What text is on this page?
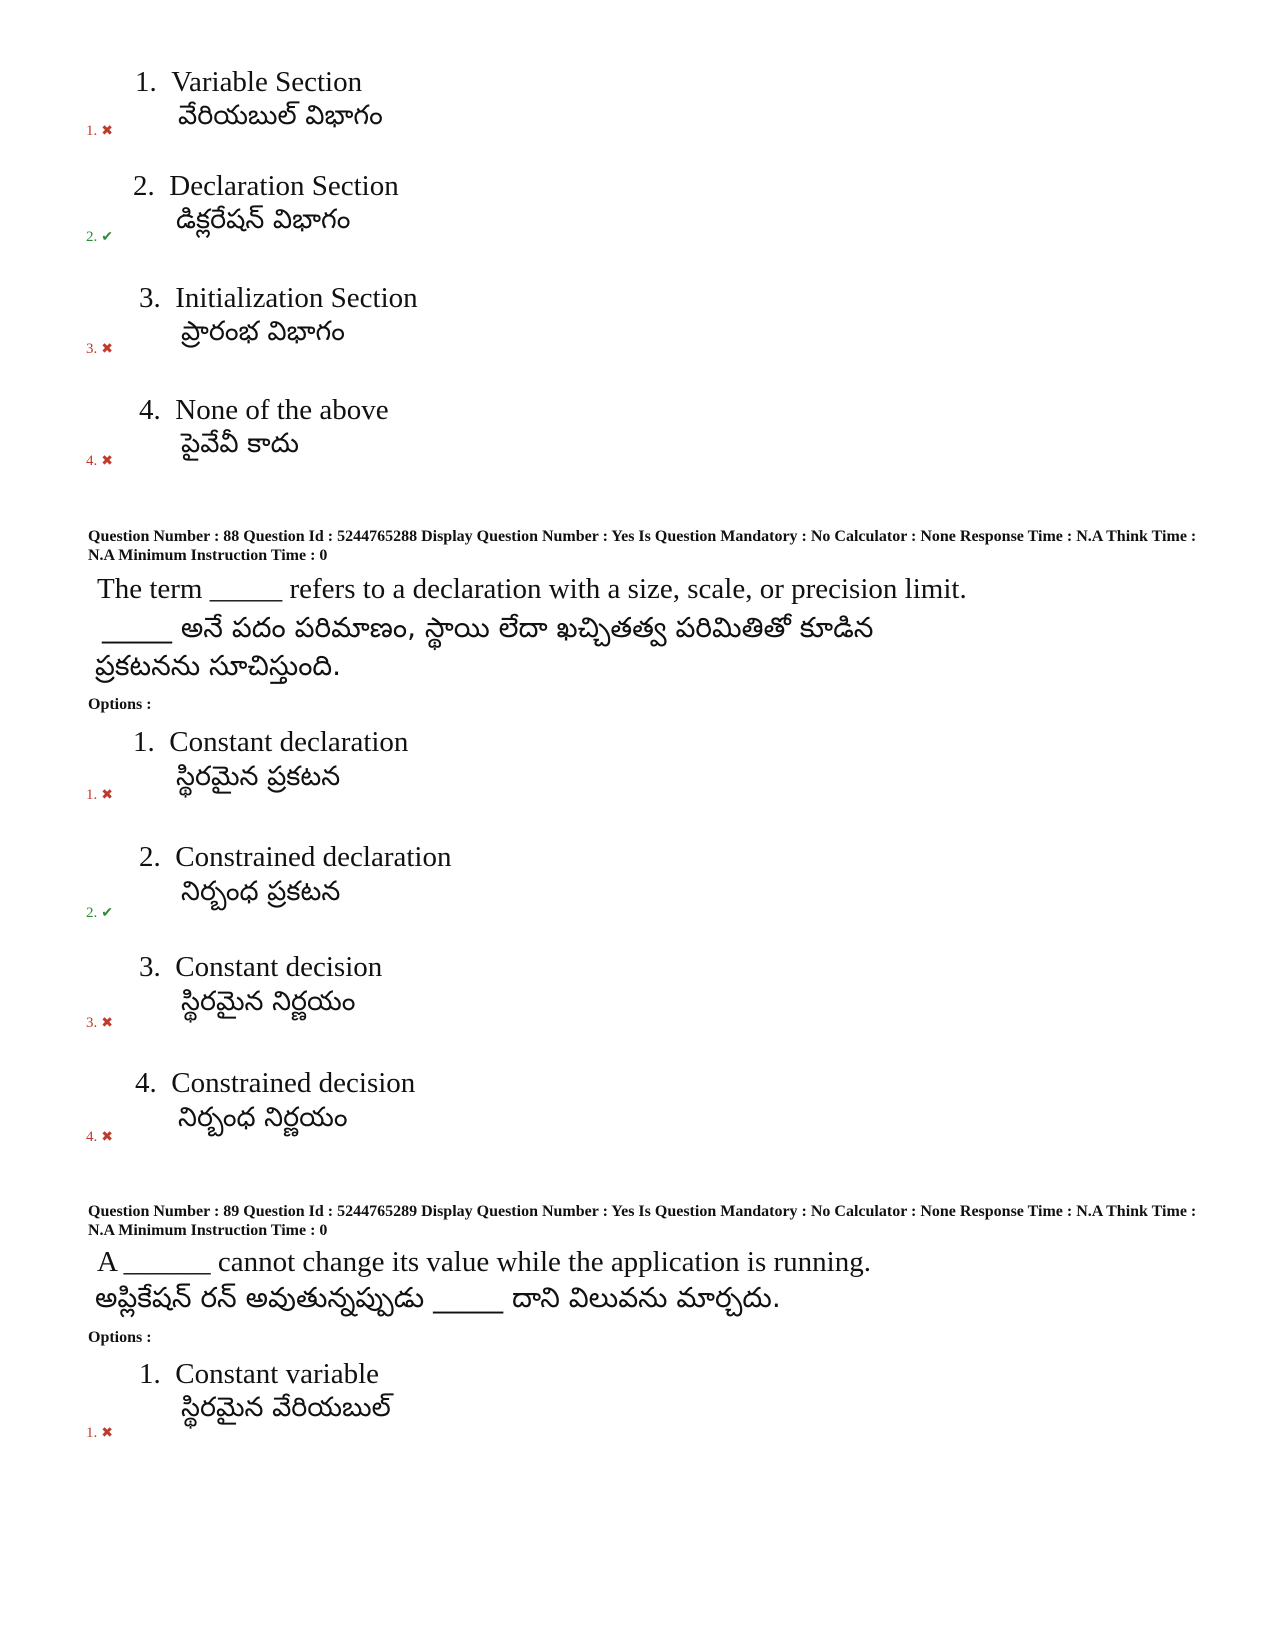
1. Variable Section
వేరియబుల్ విభాగం
1. ✖
2. Declaration Section
డిక్లరేషన్ విభాగం
2. ✔
3. Initialization Section
ప్రారంభ విభాగం
3. ✖
4. None of the above
పైవేవీ కాదు
4. ✖
Question Number : 88 Question Id : 5244765288 Display Question Number : Yes Is Question Mandatory : No Calculator : None Response Time : N.A Think Time : N.A Minimum Instruction Time : 0
The term _____ refers to a declaration with a size, scale, or precision limit.
_____ అనే పదం పరిమాణం, స్థాయి లేదా ఖచ్చితత్వ పరిమితితో కూడిన
ప్రకటనను సూచిస్తుంది.
Options :
1. Constant declaration
స్థిరమైన ప్రకటన
1. ✖
2. Constrained declaration
నిర్బంధ ప్రకటన
2. ✔
3. Constant decision
స్థిరమైన నిర్ణయం
3. ✖
4. Constrained decision
నిర్బంధ నిర్ణయం
4. ✖
Question Number : 89 Question Id : 5244765289 Display Question Number : Yes Is Question Mandatory : No Calculator : None Response Time : N.A Think Time : N.A Minimum Instruction Time : 0
A ______ cannot change its value while the application is running.
అప్లికేషన్ రన్ అవుతున్నప్పుడు _____ దాని విలువను మార్చదు.
Options :
1. Constant variable
స్థిరమైన వేరియబుల్
1. ✖
